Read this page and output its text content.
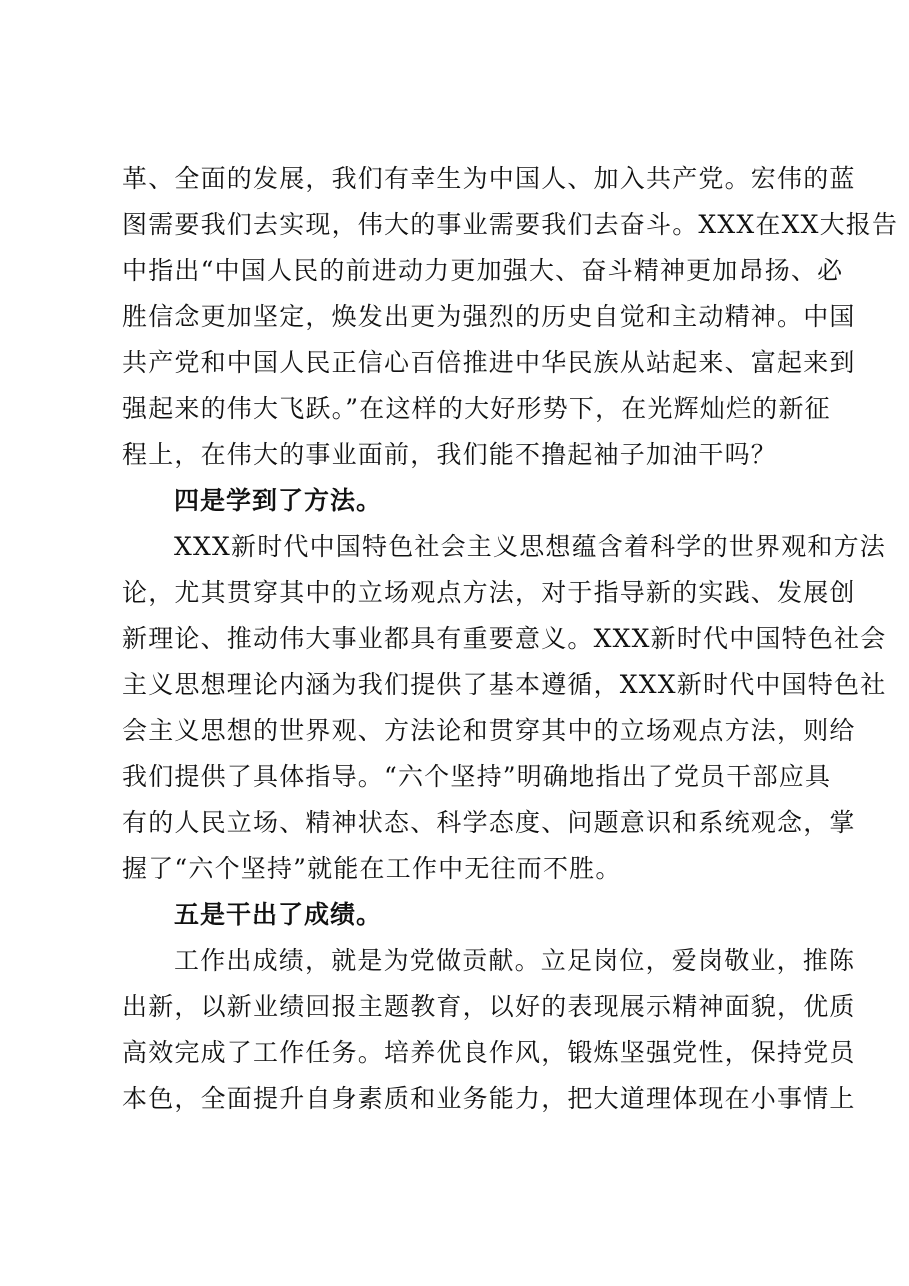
革、全面的发展，我们有幸生为中国人、加入共产党。宏伟的蓝
图需要我们去实现，伟大的事业需要我们去奋斗。XXX在XX大报告
中指出“中国人民的前进动力更加强大、奋斗精神更加昂扬、必
胜信念更加坚定，焕发出更为强烈的历史自觉和主动精神。中国
共产党和中国人民正信心百倍推进中华民族从站起来、富起来到
强起来的伟大飞跃。”在这样的大好形势下，在光辉灿烂的新征
程上，在伟大的事业面前，我们能不撸起袖子加油干吗？
四是学到了方法。
XXX新时代中国特色社会主义思想蕴含着科学的世界观和方法
论，尤其贯穿其中的立场观点方法，对于指导新的实践、发展创
新理论、推动伟大事业都具有重要意义。XXX新时代中国特色社会
主义思想理论内涵为我们提供了基本遵循，XXX新时代中国特色社
会主义思想的世界观、方法论和贯穿其中的立场观点方法，则给
我们提供了具体指导。“六个坚持”明确地指出了党员干部应具
有的人民立场、精神状态、科学态度、问题意识和系统观念，掌
握了“六个坚持”就能在工作中无往而不胜。
五是干出了成绩。
工作出成绩，就是为党做贡献。立足岗位，爱岗敬业，推陈
出新，以新业绩回报主题教育，以好的表现展示精神面貌，优质
高效完成了工作任务。培养优良作风，锻炼坚强党性，保持党员
本色，全面提升自身素质和业务能力，把大道理体现在小事情上
